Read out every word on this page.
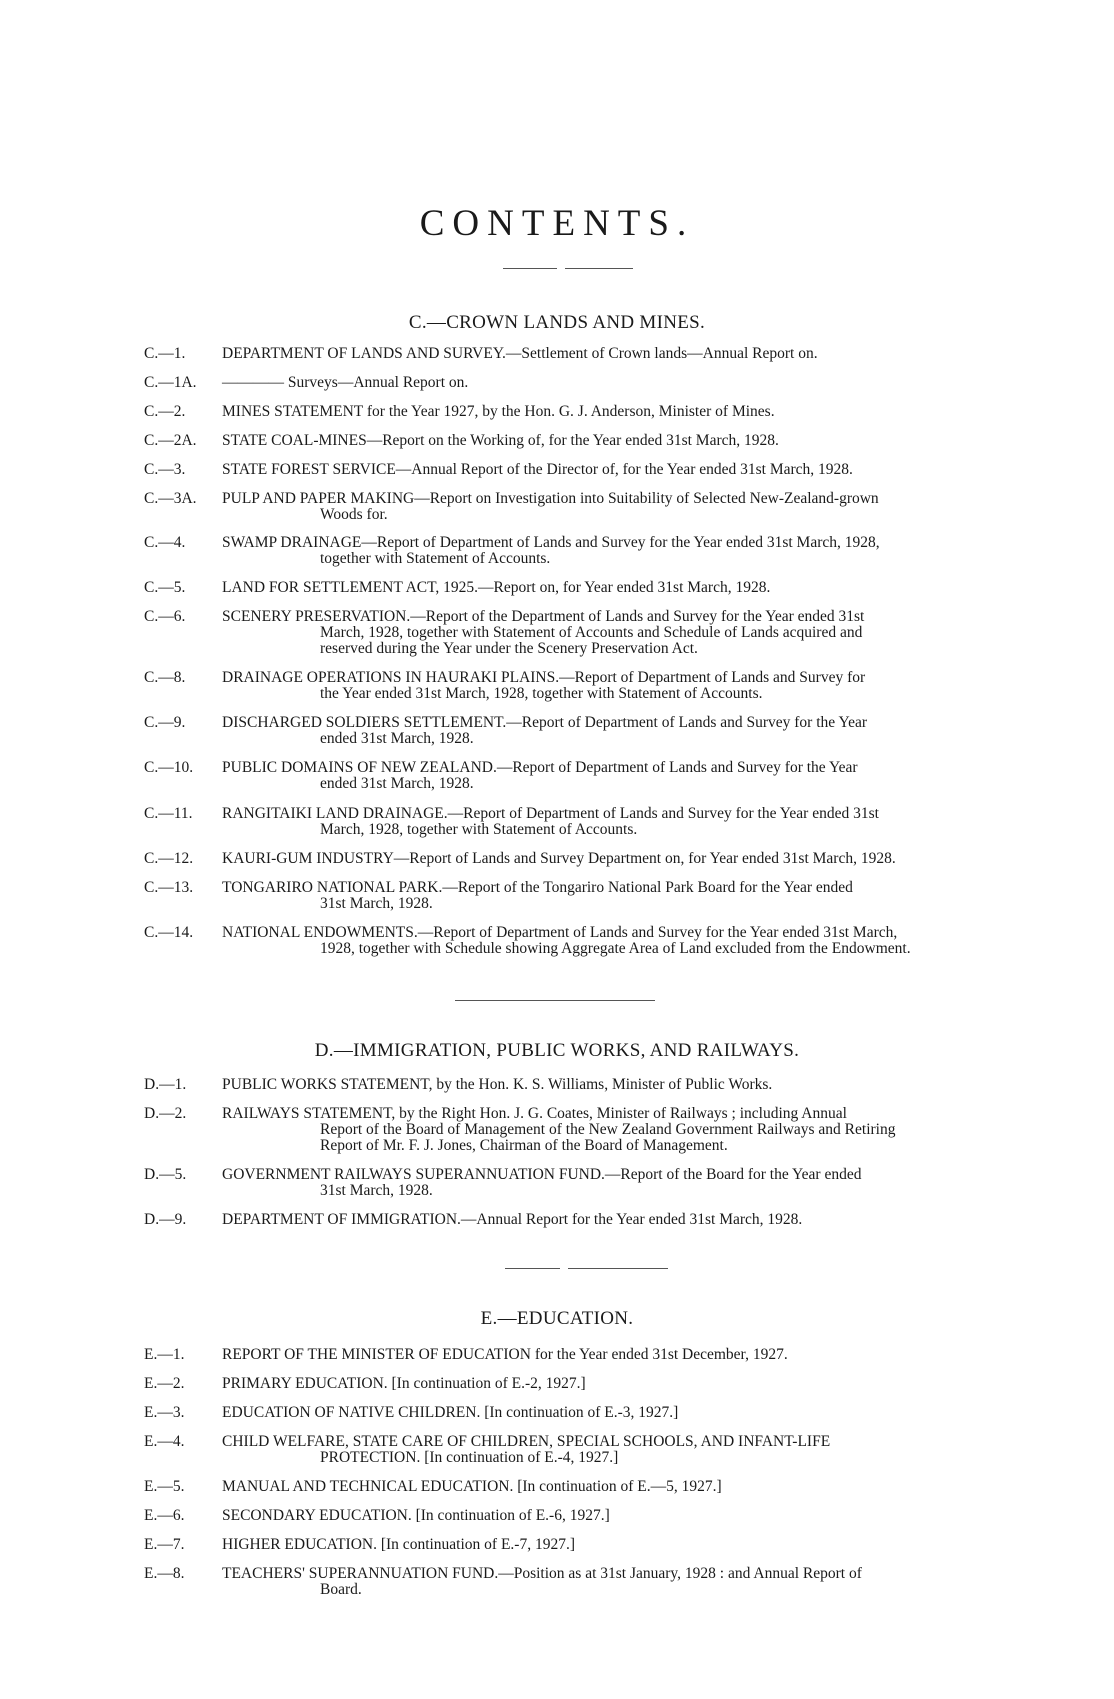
CONTENTS.
C.—CROWN LANDS AND MINES.
C.—1.	DEPARTMENT OF LANDS AND SURVEY.—Settlement of Crown lands—Annual Report on.
C.—1A.	———— Surveys—Annual Report on.
C.—2.	MINES STATEMENT for the Year 1927, by the Hon. G. J. Anderson, Minister of Mines.
C.—2A.	STATE COAL-MINES—Report on the Working of, for the Year ended 31st March, 1928.
C.—3.	STATE FOREST SERVICE—Annual Report of the Director of, for the Year ended 31st March, 1928.
C.—3A.	PULP AND PAPER MAKING—Report on Investigation into Suitability of Selected New-Zealand-grown
Woods for.
C.—4.	SWAMP DRAINAGE—Report of Department of Lands and Survey for the Year ended 31st March, 1928,
together with Statement of Accounts.
C.—5.	LAND FOR SETTLEMENT ACT, 1925.—Report on, for Year ended 31st March, 1928.
C.—6.	SCENERY PRESERVATION.—Report of the Department of Lands and Survey for the Year ended 31st
March, 1928, together with Statement of Accounts and Schedule of Lands acquired and
reserved during the Year under the Scenery Preservation Act.
C.—8.	DRAINAGE OPERATIONS IN HAURAKI PLAINS.—Report of Department of Lands and Survey for
the Year ended 31st March, 1928, together with Statement of Accounts.
C.—9.	DISCHARGED SOLDIERS SETTLEMENT.—Report of Department of Lands and Survey for the Year
ended 31st March, 1928.
C.—10.	PUBLIC DOMAINS OF NEW ZEALAND.—Report of Department of Lands and Survey for the Year
ended 31st March, 1928.
C.—11.	RANGITAIKI LAND DRAINAGE.—Report of Department of Lands and Survey for the Year ended 31st
March, 1928, together with Statement of Accounts.
C.—12.	KAURI-GUM INDUSTRY—Report of Lands and Survey Department on, for Year ended 31st March, 1928.
C.—13.	TONGARIRO NATIONAL PARK.—Report of the Tongariro National Park Board for the Year ended
31st March, 1928.
C.—14.	NATIONAL ENDOWMENTS.—Report of Department of Lands and Survey for the Year ended 31st March,
1928, together with Schedule showing Aggregate Area of Land excluded from the Endowment.
D.—IMMIGRATION, PUBLIC WORKS, AND RAILWAYS.
D.—1.	PUBLIC WORKS STATEMENT, by the Hon. K. S. Williams, Minister of Public Works.
D.—2.	RAILWAYS STATEMENT, by the Right Hon. J. G. Coates, Minister of Railways ; including Annual
Report of the Board of Management of the New Zealand Government Railways and Retiring
Report of Mr. F. J. Jones, Chairman of the Board of Management.
D.—5.	GOVERNMENT RAILWAYS SUPERANNUATION FUND.—Report of the Board for the Year ended
31st March, 1928.
D.—9.	DEPARTMENT OF IMMIGRATION.—Annual Report for the Year ended 31st March, 1928.
E.—EDUCATION.
E.—1.	REPORT OF THE MINISTER OF EDUCATION for the Year ended 31st December, 1927.
E.—2.	PRIMARY EDUCATION. [In continuation of E.-2, 1927.]
E.—3.	EDUCATION OF NATIVE CHILDREN. [In continuation of E.-3, 1927.]
E.—4.	CHILD WELFARE, STATE CARE OF CHILDREN, SPECIAL SCHOOLS, AND INFANT-LIFE
PROTECTION. [In continuation of E.-4, 1927.]
E.—5.	MANUAL AND TECHNICAL EDUCATION. [In continuation of E.—5, 1927.]
E.—6.	SECONDARY EDUCATION. [In continuation of E.-6, 1927.]
E.—7.	HIGHER EDUCATION. [In continuation of E.-7, 1927.]
E.—8.	TEACHERS' SUPERANNUATION FUND.—Position as at 31st January, 1928 : and Annual Report of
Board.
